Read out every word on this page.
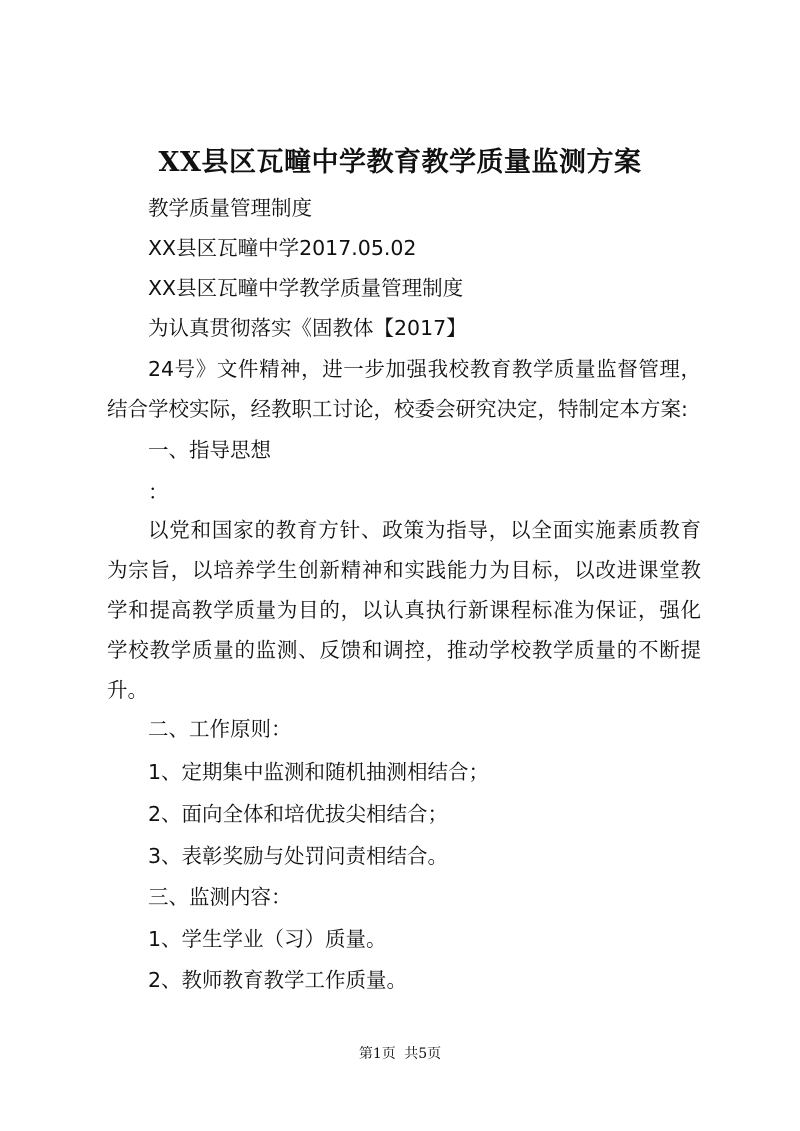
XX县区瓦疃中学教育教学质量监测方案
教学质量管理制度
XX县区瓦疃中学2017.05.02
XX县区瓦疃中学教学质量管理制度
为认真贯彻落实《固教体【2017】
24号》文件精神，进一步加强我校教育教学质量监督管理，结合学校实际，经教职工讨论，校委会研究决定，特制定本方案:
一、指导思想
：
以党和国家的教育方针、政策为指导，以全面实施素质教育为宗旨，以培养学生创新精神和实践能力为目标，以改进课堂教学和提高教学质量为目的，以认真执行新课程标准为保证，强化学校教学质量的监测、反馈和调控，推动学校教学质量的不断提升。
二、工作原则：
1、定期集中监测和随机抽测相结合；
2、面向全体和培优拔尖相结合；
3、表彰奖励与处罚问责相结合。
三、监测内容：
1、学生学业（习）质量。
2、教师教育教学工作质量。
第1页 共5页
